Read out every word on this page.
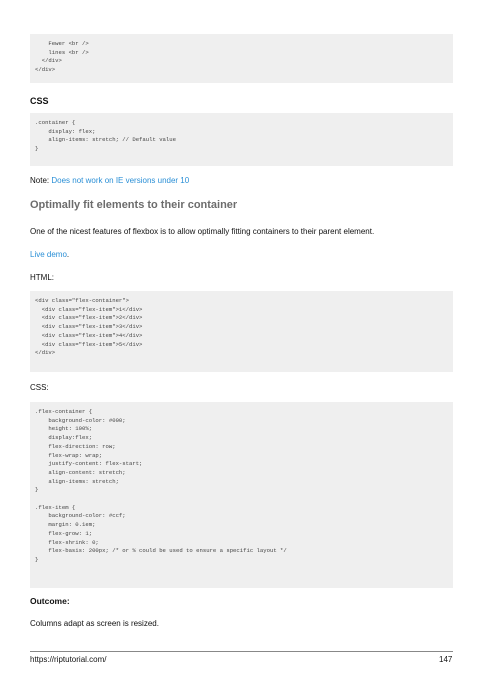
Fewer <br />
lines <br />
</div>
</div>
CSS
.container {
display: flex;
align-items: stretch; // Default value
}
Note: Does not work on IE versions under 10
Optimally fit elements to their container
One of the nicest features of flexbox is to allow optimally fitting containers to their parent element.
Live demo.
HTML:
<div class="flex-container">
<div class="flex-item">1</div>
<div class="flex-item">2</div>
<div class="flex-item">3</div>
<div class="flex-item">4</div>
<div class="flex-item">5</div>
</div>
CSS:
.flex-container {
background-color: #000;
height: 100%;
display:flex;
flex-direction: row;
flex-wrap: wrap;
justify-content: flex-start;
align-content: stretch;
align-items: stretch;
}

.flex-item {
background-color: #ccf;
margin: 0.1em;
flex-grow: 1;
flex-shrink: 0;
flex-basis: 200px; /* or % could be used to ensure a specific layout */
}
Outcome:
Columns adapt as screen is resized.
https://riptutorial.com/	147
